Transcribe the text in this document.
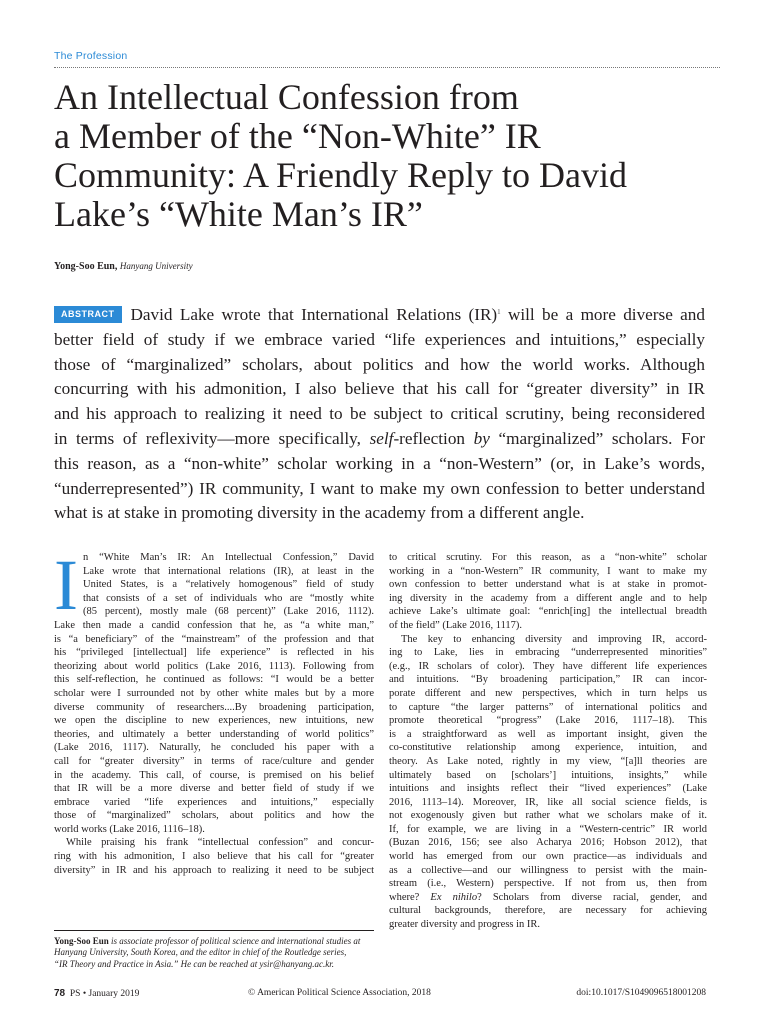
The Profession
An Intellectual Confession from
a Member of the “Non-White” IR
Community: A Friendly Reply to David
Lake’s “White Man’s IR”
Yong-Soo Eun, Hanyang University
ABSTRACT David Lake wrote that International Relations (IR)$^1$ will be a more diverse and
better field of study if we embrace varied “life experiences and intuitions,” especially
those of “marginalized” scholars, about politics and how the world works. Although
concurring with his admonition, I also believe that his call for “greater diversity” in IR
and his approach to realizing it need to be subject to critical scrutiny, being reconsidered
in terms of reflexivity—more specifically, self-reflection by “marginalized” scholars. For
this reason, as a “non-white” scholar working in a “non-Western” (or, in Lake’s words,
“underrepresented”) IR community, I want to make my own confession to better understand
what is at stake in promoting diversity in the academy from a different angle.
I n “White Man’s IR: An Intellectual Confession,” David
Lake wrote that international relations (IR), at least in the
United States, is a “relatively homogenous” field of study
that consists of a set of individuals who are “mostly white
(85 percent), mostly male (68 percent)” (Lake 2016, 1112).
Lake then made a candid confession that he, as “a white man,”
is “a beneficiary” of the “mainstream” of the profession and that
his “privileged [intellectual] life experience” is reflected in his
theorizing about world politics (Lake 2016, 1113). Following from
this self-reflection, he continued as follows: “I would be a better
scholar were I surrounded not by other white males but by a more
diverse community of researchers....By broadening participation,
we open the discipline to new experiences, new intuitions, new
theories, and ultimately a better understanding of world politics”
(Lake 2016, 1117). Naturally, he concluded his paper with a
call for “greater diversity” in terms of race/culture and gender
in the academy. This call, of course, is premised on his belief
that IR will be a more diverse and better field of study if we
embrace varied “life experiences and intuitions,” especially
those of “marginalized” scholars, about politics and how the
world works (Lake 2016, 1116–18).
While praising his frank “intellectual confession” and concur-
ring with his admonition, I also believe that his call for “greater
diversity” in IR and his approach to realizing it need to be subject
to critical scrutiny. For this reason, as a “non-white” scholar
working in a “non-Western” IR community, I want to make my
own confession to better understand what is at stake in promot-
ing diversity in the academy from a different angle and to help
achieve Lake’s ultimate goal: “enrich[ing] the intellectual breadth
of the field” (Lake 2016, 1117).
The key to enhancing diversity and improving IR, accord-
ing to Lake, lies in embracing “underrepresented minorities”
(e.g., IR scholars of color). They have different life experiences
and intuitions. “By broadening participation,” IR can incor-
porate different and new perspectives, which in turn helps us
to capture “the larger patterns” of international politics and
promote theoretical “progress” (Lake 2016, 1117–18). This
is a straightforward as well as important insight, given the
co-constitutive relationship among experience, intuition, and
theory. As Lake noted, rightly in my view, “[a]ll theories are
ultimately based on [scholars’] intuitions, insights,” while
intuitions and insights reflect their “lived experiences” (Lake
2016, 1113–14). Moreover, IR, like all social science fields, is
not exogenously given but rather what we scholars make of it.
If, for example, we are living in a “Western-centric” IR world
(Buzan 2016, 156; see also Acharya 2016; Hobson 2012), that
world has emerged from our own practice—as individuals and
as a collective—and our willingness to persist with the main-
stream (i.e., Western) perspective. If not from us, then from
where? Ex nihilo? Scholars from diverse racial, gender, and
cultural backgrounds, therefore, are necessary for achieving
greater diversity and progress in IR.
Yong-Soo Eun is associate professor of political science and international studies at
Hanyang University, South Korea, and the editor in chief of the Routledge series,
“IR Theory and Practice in Asia.” He can be reached at ysir@hanyang.ac.kr.
78 PS • January 2019	© American Political Science Association, 2018	doi:10.1017/S1049096518001208
